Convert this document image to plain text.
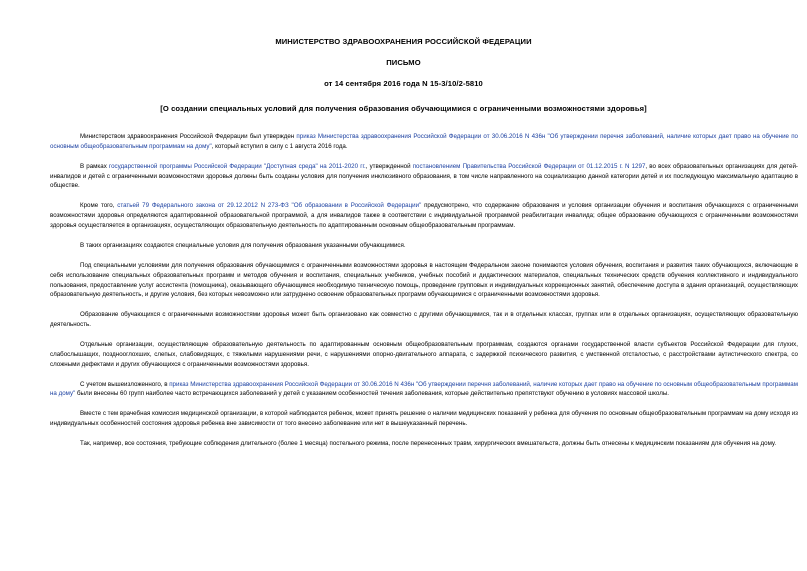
МИНИСТЕРСТВО ЗДРАВООХРАНЕНИЯ РОССИЙСКОЙ ФЕДЕРАЦИИ

ПИСЬМО

от 14 сентября 2016 года N 15-3/10/2-5810

[О создании специальных условий для получения образования обучающимися с ограниченными возможностями здоровья]

Министерством здравоохранения Российской Федерации был утвержден приказ Министерства здравоохранения Российской Федерации от 30.06.2016 N 436н "Об утверждении перечня заболеваний, наличие которых дает право на обучение по основным общеобразовательным программам на дому", который вступил в силу с 1 августа 2016 года.

В рамках государственной программы Российской Федерации "Доступная среда" на 2011-2020 гг., утвержденной постановлением Правительства Российской Федерации от 01.12.2015 г. N 1297, во всех образовательных организациях для детей-инвалидов и детей с ограниченными возможностями здоровья должны быть созданы условия для получения инклюзивного образования, в том числе направленного на социализацию данной категории детей и их последующую максимальную адаптацию в обществе.

Кроме того, статьей 79 Федерального закона от 29.12.2012 N 273-ФЗ "Об образовании в Российской Федерации" предусмотрено, что содержание образования и условия организации обучения и воспитания обучающихся с ограниченными возможностями здоровья определяются адаптированной образовательной программой, а для инвалидов также в соответствии с индивидуальной программой реабилитации инвалида; общее образование обучающихся с ограниченными возможностями здоровья осуществляется в организациях, осуществляющих образовательную деятельность по адаптированным основным общеобразовательным программам.

В таких организациях создаются специальные условия для получения образования указанными обучающимися.

Под специальными условиями для получения образования обучающимися с ограниченными возможностями здоровья в настоящем Федеральном законе понимаются условия обучения, воспитания и развития таких обучающихся, включающие в себя использование специальных образовательных программ и методов обучения и воспитания, специальных учебников, учебных пособий и дидактических материалов, специальных технических средств обучения коллективного и индивидуального пользования, предоставление услуг ассистента (помощника), оказывающего обучающимся необходимую техническую помощь, проведение групповых и индивидуальных коррекционных занятий, обеспечение доступа в здания организаций, осуществляющих образовательную деятельность, и другие условия, без которых невозможно или затруднено освоение образовательных программ обучающимися с ограниченными возможностями здоровья.

Образование обучающихся с ограниченными возможностями здоровья может быть организовано как совместно с другими обучающимися, так и в отдельных классах, группах или в отдельных организациях, осуществляющих образовательную деятельность.

Отдельные организации, осуществляющие образовательную деятельность по адаптированным основным общеобразовательным программам, создаются органами государственной власти субъектов Российской Федерации для глухих, слабослышащих, позднооглохших, слепых, слабовидящих, с тяжелыми нарушениями речи, с нарушениями опорно-двигательного аппарата, с задержкой психического развития, с умственной отсталостью, с расстройствами аутистического спектра, со сложными дефектами и других обучающихся с ограниченными возможностями здоровья.

С учетом вышеизложенного, в приказ Министерства здравоохранения Российской Федерации от 30.06.2016 N 436н "Об утверждении перечня заболеваний, наличие которых дает право на обучение по основным общеобразовательным программам на дому" были внесены 60 групп наиболее часто встречающихся заболеваний у детей с указанием особенностей течения заболевания, которые действительно препятствуют обучению в условиях массовой школы.

Вместе с тем врачебная комиссия медицинской организации, в которой наблюдается ребенок, может принять решение о наличии медицинских показаний у ребенка для обучения по основным общеобразовательным программам на дому исходя из индивидуальных особенностей состояния здоровья ребенка вне зависимости от того внесено заболевание или нет в вышеуказанный перечень.

Так, например, все состояния, требующие соблюдения длительного (более 1 месяца) постельного режима, после перенесенных травм, хирургических вмешательств, должны быть отнесены к медицинским показаниям для обучения на дому.
